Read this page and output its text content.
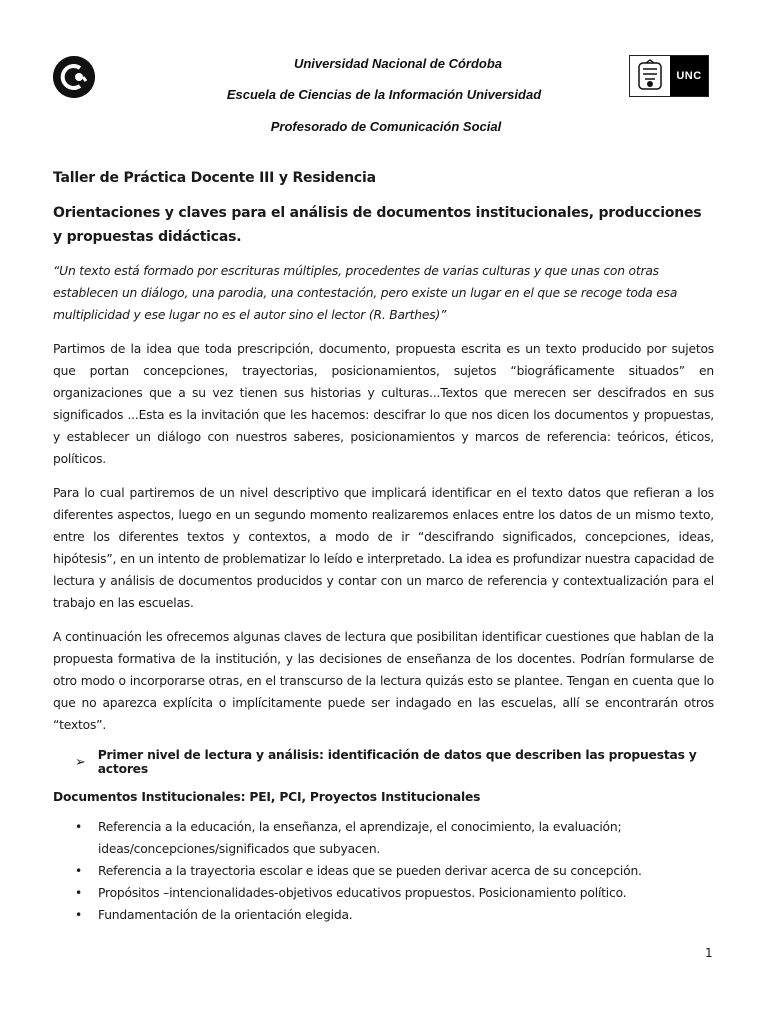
Universidad Nacional de Córdoba
Escuela de Ciencias de la Información Universidad
Profesorado de Comunicación Social
UNC
Taller de Práctica Docente III y Residencia
Orientaciones y claves para el análisis de documentos institucionales, producciones y propuestas didácticas.
“Un texto está formado por escrituras múltiples, procedentes de varias culturas y que unas con otras establecen un diálogo, una parodia, una contestación, pero existe un lugar en el que se recoge toda esa multiplicidad y ese lugar no es el autor sino el lector (R. Barthes)”
Partimos de la idea que toda prescripción, documento, propuesta escrita es un texto producido por sujetos que portan concepciones, trayectorias, posicionamientos, sujetos “biográficamente situados” en organizaciones que a su vez tienen sus historias y culturas...Textos que merecen ser descifrados en sus significados ...Esta es la invitación que les hacemos: descifrar lo que nos dicen los documentos y propuestas, y establecer un diálogo con nuestros saberes, posicionamientos y marcos de referencia: teóricos, éticos, políticos.
Para lo cual partiremos de un nivel descriptivo que implicará identificar en el texto datos que refieran a los diferentes aspectos, luego en un segundo momento realizaremos enlaces entre los datos de un mismo texto, entre los diferentes textos y contextos, a modo de ir “descifrando significados, concepciones, ideas, hipótesis”, en un intento de problematizar lo leído e interpretado. La idea es profundizar nuestra capacidad de lectura y análisis de documentos producidos y contar con un marco de referencia y contextualización para el trabajo en las escuelas.
A continuación les ofrecemos algunas claves de lectura que posibilitan identificar cuestiones que hablan de la propuesta formativa de la institución, y las decisiones de enseñanza de los docentes. Podrían formularse de otro modo o incorporarse otras, en el transcurso de la lectura quizás esto se plantee. Tengan en cuenta que lo que no aparezca explícita o implícitamente puede ser indagado en las escuelas, allí se encontrarán otros “textos”.
➢ Primer nivel de lectura y análisis: identificación de datos que describen las propuestas y actores
Documentos Institucionales: PEI, PCI, Proyectos Institucionales
• Referencia a la educación, la enseñanza, el aprendizaje, el conocimiento, la evaluación; ideas/concepciones/significados que subyacen.
• Referencia a la trayectoria escolar e ideas que se pueden derivar acerca de su concepción.
• Propósitos –intencionalidades-objetivos educativos propuestos. Posicionamiento político.
• Fundamentación de la orientación elegida.
1
